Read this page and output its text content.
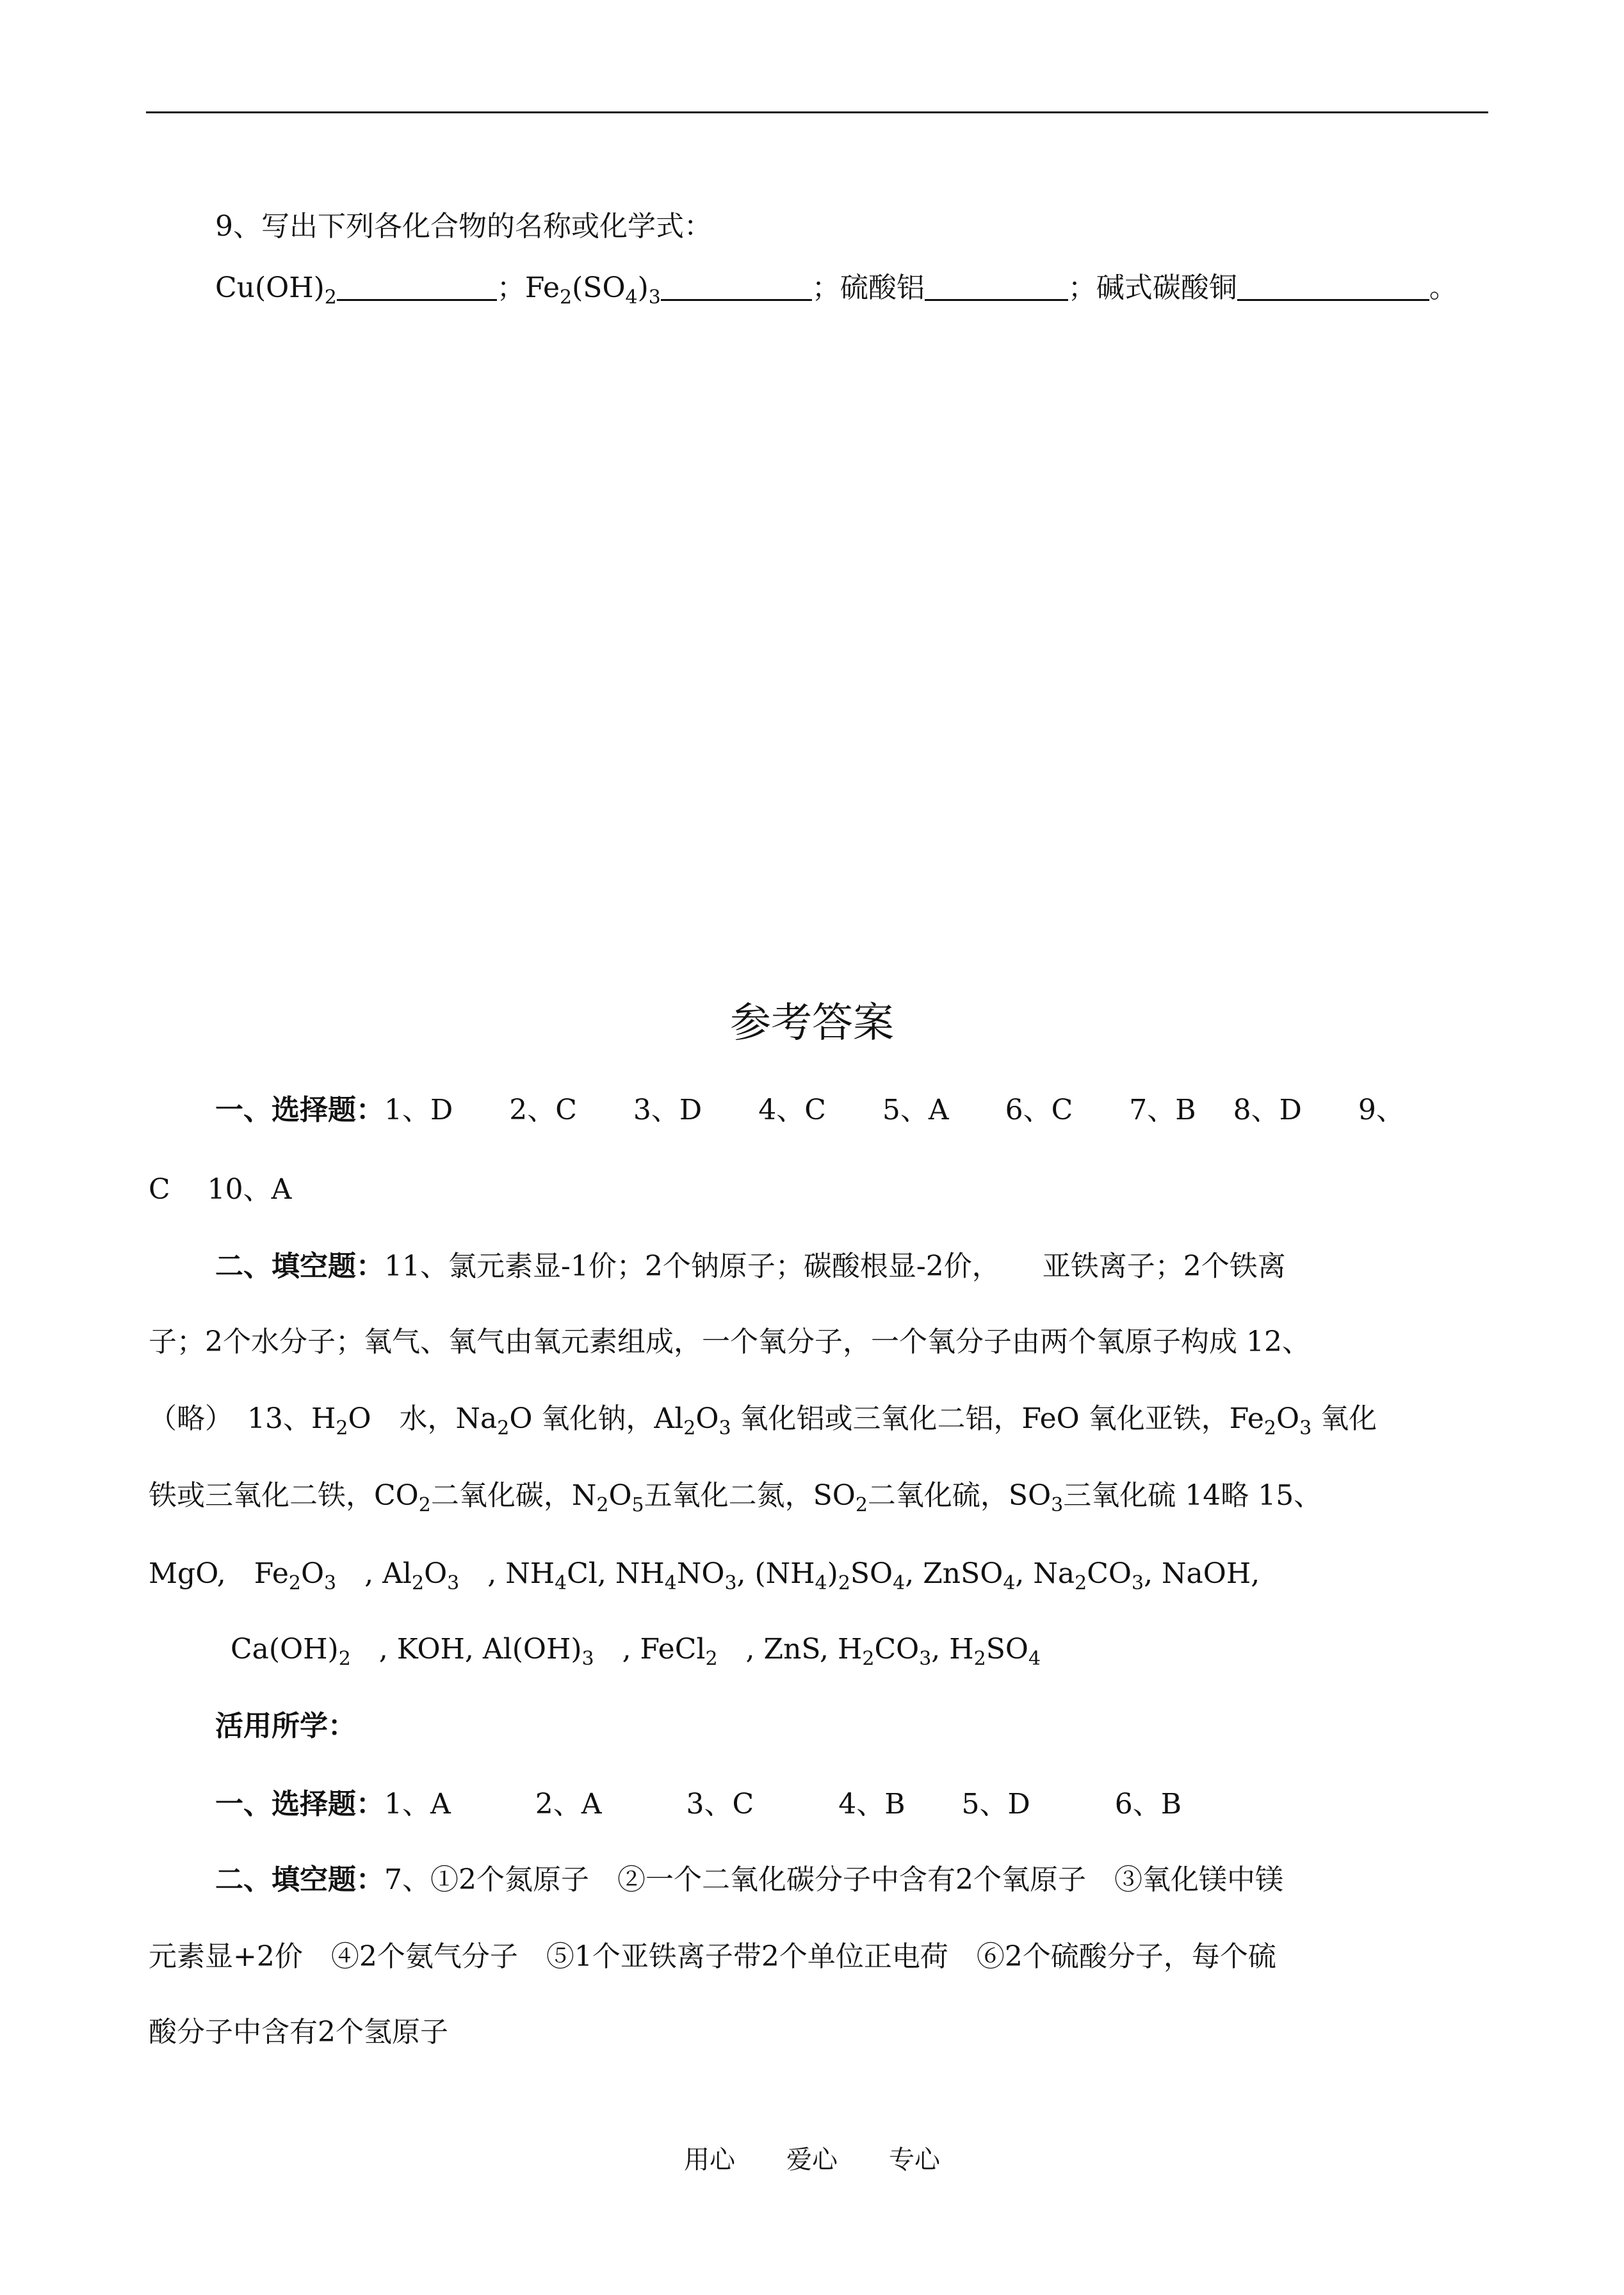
9、写出下列各化合物的名称或化学式：
$Cu(OH)_2$	；$Fe_2(SO_4)_3$	；硫酸铝	；碱式碳酸铜	。
参考答案
一、选择题：1、D　　2、C　　3、D　　4、C　　5、A　　6、C　　7、B　 8、D　　9、
C　 10、A
二、填空题：11、氯元素显-1价；2个钠原子；碳酸根显-2价，　　亚铁离子；2个铁离
子；2个水分子；氧气、氧气由氧元素组成，一个氧分子，一个氧分子由两个氧原子构成 12、
（略）　13、$H_2O$　水，$Na_2O$ 氧化钠，$Al_2O_3$ 氧化铝或三氧化二铝，FeO 氧化亚铁，$Fe_2O_3$ 氧化
铁或三氧化二铁，$CO_2$二氧化碳，$N_2O_5$五氧化二氮，$SO_2$二氧化硫，$SO_3$三氧化硫 14略 15、
MgO,　$Fe_2O_3$　, $Al_2O_3$　, $NH_4Cl$, $NH_4NO_3$, $(NH_4)_2SO_4$, ZnSO$_4$, $Na_2CO_3$, NaOH,
$Ca(OH)_2$　, KOH, $Al(OH)_3$　, FeCl$_2$　, ZnS, $H_2CO_3$, $H_2SO_4$
活用所学：
一、选择题：1、A　　　2、A　　　3、C　　　4、B　　5、D　　　6、B
二、填空题：7、①2个氮原子　②一个二氧化碳分子中含有2个氧原子　③氧化镁中镁
元素显+2价　④2个氨气分子　⑤1个亚铁离子带2个单位正电荷　⑥2个硫酸分子，每个硫
酸分子中含有2个氢原子
用心 爱心 专心
